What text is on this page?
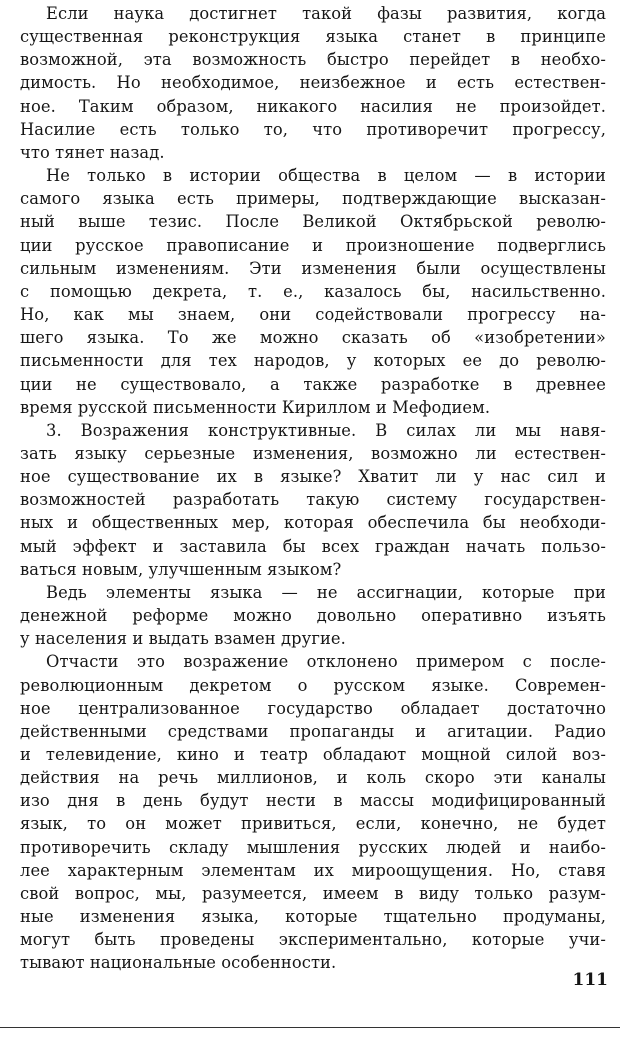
Если наука достигнет такой фазы развития, когда
существенная реконструкция языка станет в принципе
возможной, эта возможность быстро перейдет в необхо-
димость. Но необходимое, неизбежное и есть естествен-
ное. Таким образом, никакого насилия не произойдет.
Насилие есть только то, что противоречит прогрессу,
что тянет назад.
Не только в истории общества в целом — в истории
самого языка есть примеры, подтверждающие высказан-
ный выше тезис. После Великой Октябрьской револю-
ции русское правописание и произношение подверглись
сильным изменениям. Эти изменения были осуществлены
с помощью декрета, т. е., казалось бы, насильственно.
Но, как мы знаем, они содействовали прогрессу на-
шего языка. То же можно сказать об «изобретении»
письменности для тех народов, у которых ее до револю-
ции не существовало, а также разработке в древнее
время русской письменности Кириллом и Мефодием.
3. Возражения конструктивные. В силах ли мы навя-
зать языку серьезные изменения, возможно ли естествен-
ное существование их в языке? Хватит ли у нас сил и
возможностей разработать такую систему государствен-
ных и общественных мер, которая обеспечила бы необходи-
мый эффект и заставила бы всех граждан начать пользо-
ваться новым, улучшенным языком?
Ведь элементы языка — не ассигнации, которые при
денежной реформе можно довольно оперативно изъять
у населения и выдать взамен другие.
Отчасти это возражение отклонено примером с после-
революционным декретом о русском языке. Современ-
ное централизованное государство обладает достаточно
действенными средствами пропаганды и агитации. Радио
и телевидение, кино и театр обладают мощной силой воз-
действия на речь миллионов, и коль скоро эти каналы
изо дня в день будут нести в массы модифицированный
язык, то он может привиться, если, конечно, не будет
противоречить складу мышления русских людей и наибо-
лее характерным элементам их мироощущения. Но, ставя
свой вопрос, мы, разумеется, имеем в виду только разум-
ные изменения языка, которые тщательно продуманы,
могут быть проведены экспериментально, которые учи-
тывают национальные особенности.
111
